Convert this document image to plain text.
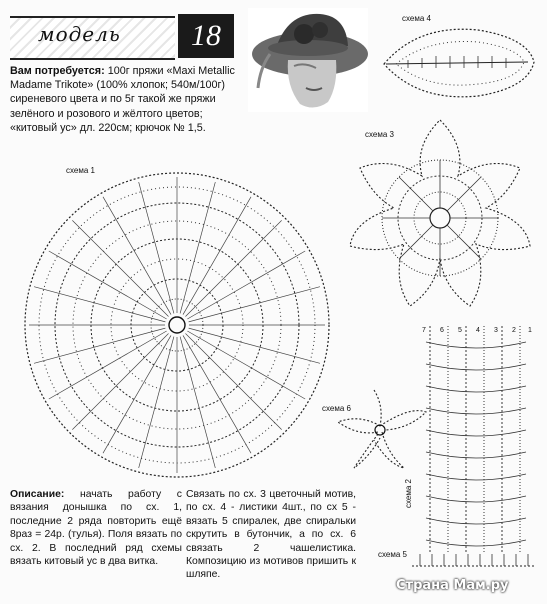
модель	18
Вам потребуется: 100г пряжи «Maxi Metallic Madame Trikote» (100% хлопок; 540м/100г) сиреневого цвета и по 5г такой же пряжи зелёного и розового и жёлтого цветов; «китовый ус» дл. 220см; крючок № 1,5.
схема 4
схема 3
схема 1
схема 6
схема 2
7 6 5 4 3 2 1
схема 5
Описание: начать работу с вязания донышка по сх. 1, последние 2 ряда повторить ещё 8раз = 24р. (тулья). Поля вязать по сх. 2. В последний ряд схемы вязать китовый ус в два витка.
Связать по сх. 3 цветочный мотив, по сх. 4 - листики 4шт., по сх 5 - вязать 5 спиралек, две спиральки скрутить в бутончик, а по сх. 6 связать 2 чашелистика. Композицию из мотивов пришить к шляпе.
Страна Мам.ру
